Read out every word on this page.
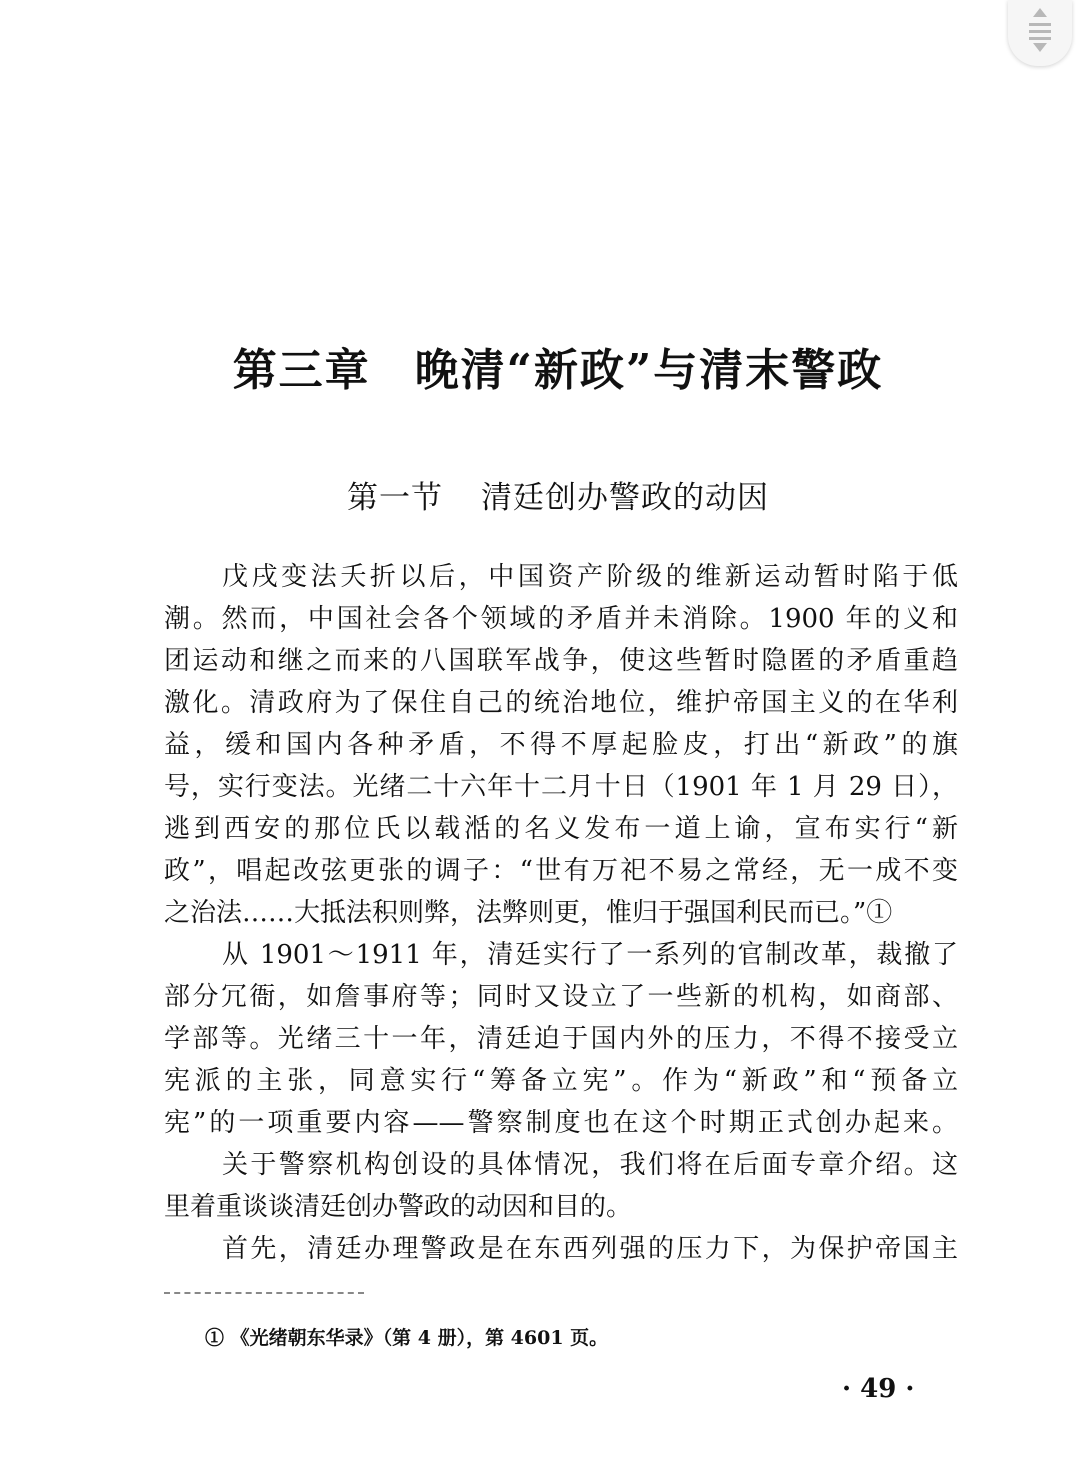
第三章 晚清“新政”与清末警政
第一节 清廷创办警政的动因
戊戌变法夭折以后，中国资产阶级的维新运动暂时陷于低
潮。然而，中国社会各个领域的矛盾并未消除。1900 年的义和
团运动和继之而来的八国联军战争，使这些暂时隐匿的矛盾重趋
激化。清政府为了保住自己的统治地位，维护帝国主义的在华利
益，缓和国内各种矛盾，不得不厚起脸皮，打出“新政”的旗
号，实行变法。光绪二十六年十二月十日（1901 年 1 月 29 日），
逃到西安的那位氏以载湉的名义发布一道上谕，宣布实行“新
政”，唱起改弦更张的调子：“世有万祀不易之常经，无一成不变
之治法……大抵法积则弊，法弊则更，惟归于强国利民而已。”①
从 1901～1911 年，清廷实行了一系列的官制改革，裁撤了
部分冗衙，如詹事府等；同时又设立了一些新的机构，如商部、
学部等。光绪三十一年，清廷迫于国内外的压力，不得不接受立
宪派的主张，同意实行“筹备立宪”。作为“新政”和“预备立
宪”的一项重要内容——警察制度也在这个时期正式创办起来。
关于警察机构创设的具体情况，我们将在后面专章介绍。这
里着重谈谈清廷创办警政的动因和目的。
首先，清廷办理警政是在东西列强的压力下，为保护帝国主
① 《光绪朝东华录》（第 4 册），第 4601 页。
· 49 ·
